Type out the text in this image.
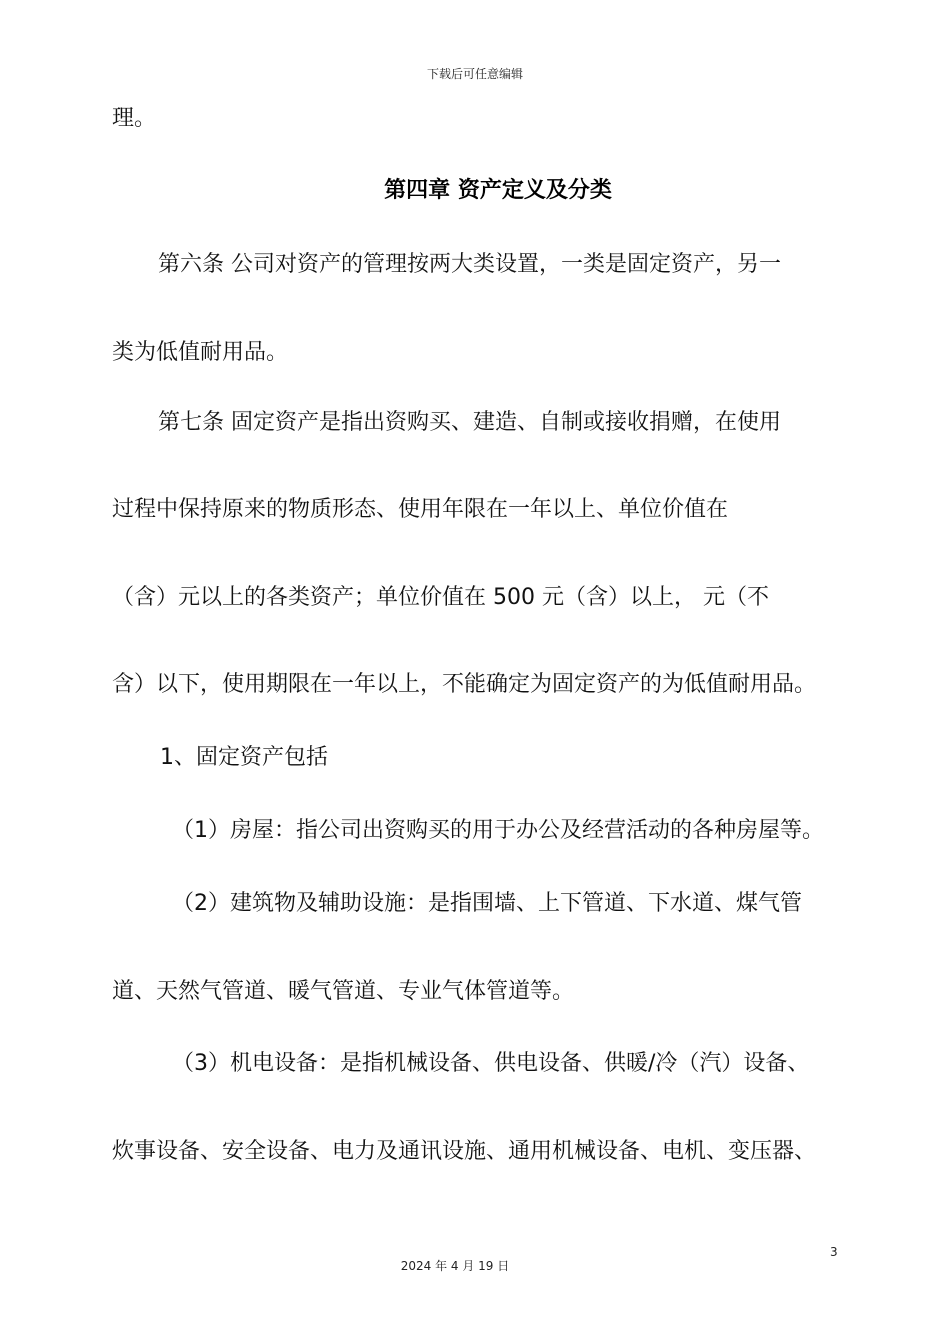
下载后可任意编辑
理。
第四章 资产定义及分类
第六条 公司对资产的管理按两大类设置，一类是固定资产，另一
类为低值耐用品。
第七条 固定资产是指出资购买、建造、自制或接收捐赠，在使用
过程中保持原来的物质形态、使用年限在一年以上、单位价值在
（含）元以上的各类资产；单位价值在 500 元（含）以上， 元（不
含）以下，使用期限在一年以上，不能确定为固定资产的为低值耐用品。
1、固定资产包括
（1）房屋：指公司出资购买的用于办公及经营活动的各种房屋等。
（2）建筑物及辅助设施：是指围墙、上下管道、下水道、煤气管
道、天然气管道、暖气管道、专业气体管道等。
（3）机电设备：是指机械设备、供电设备、供暖/冷（汽）设备、
炊事设备、安全设备、电力及通讯设施、通用机械设备、电机、变压器、
3
2024 年 4 月 19 日
